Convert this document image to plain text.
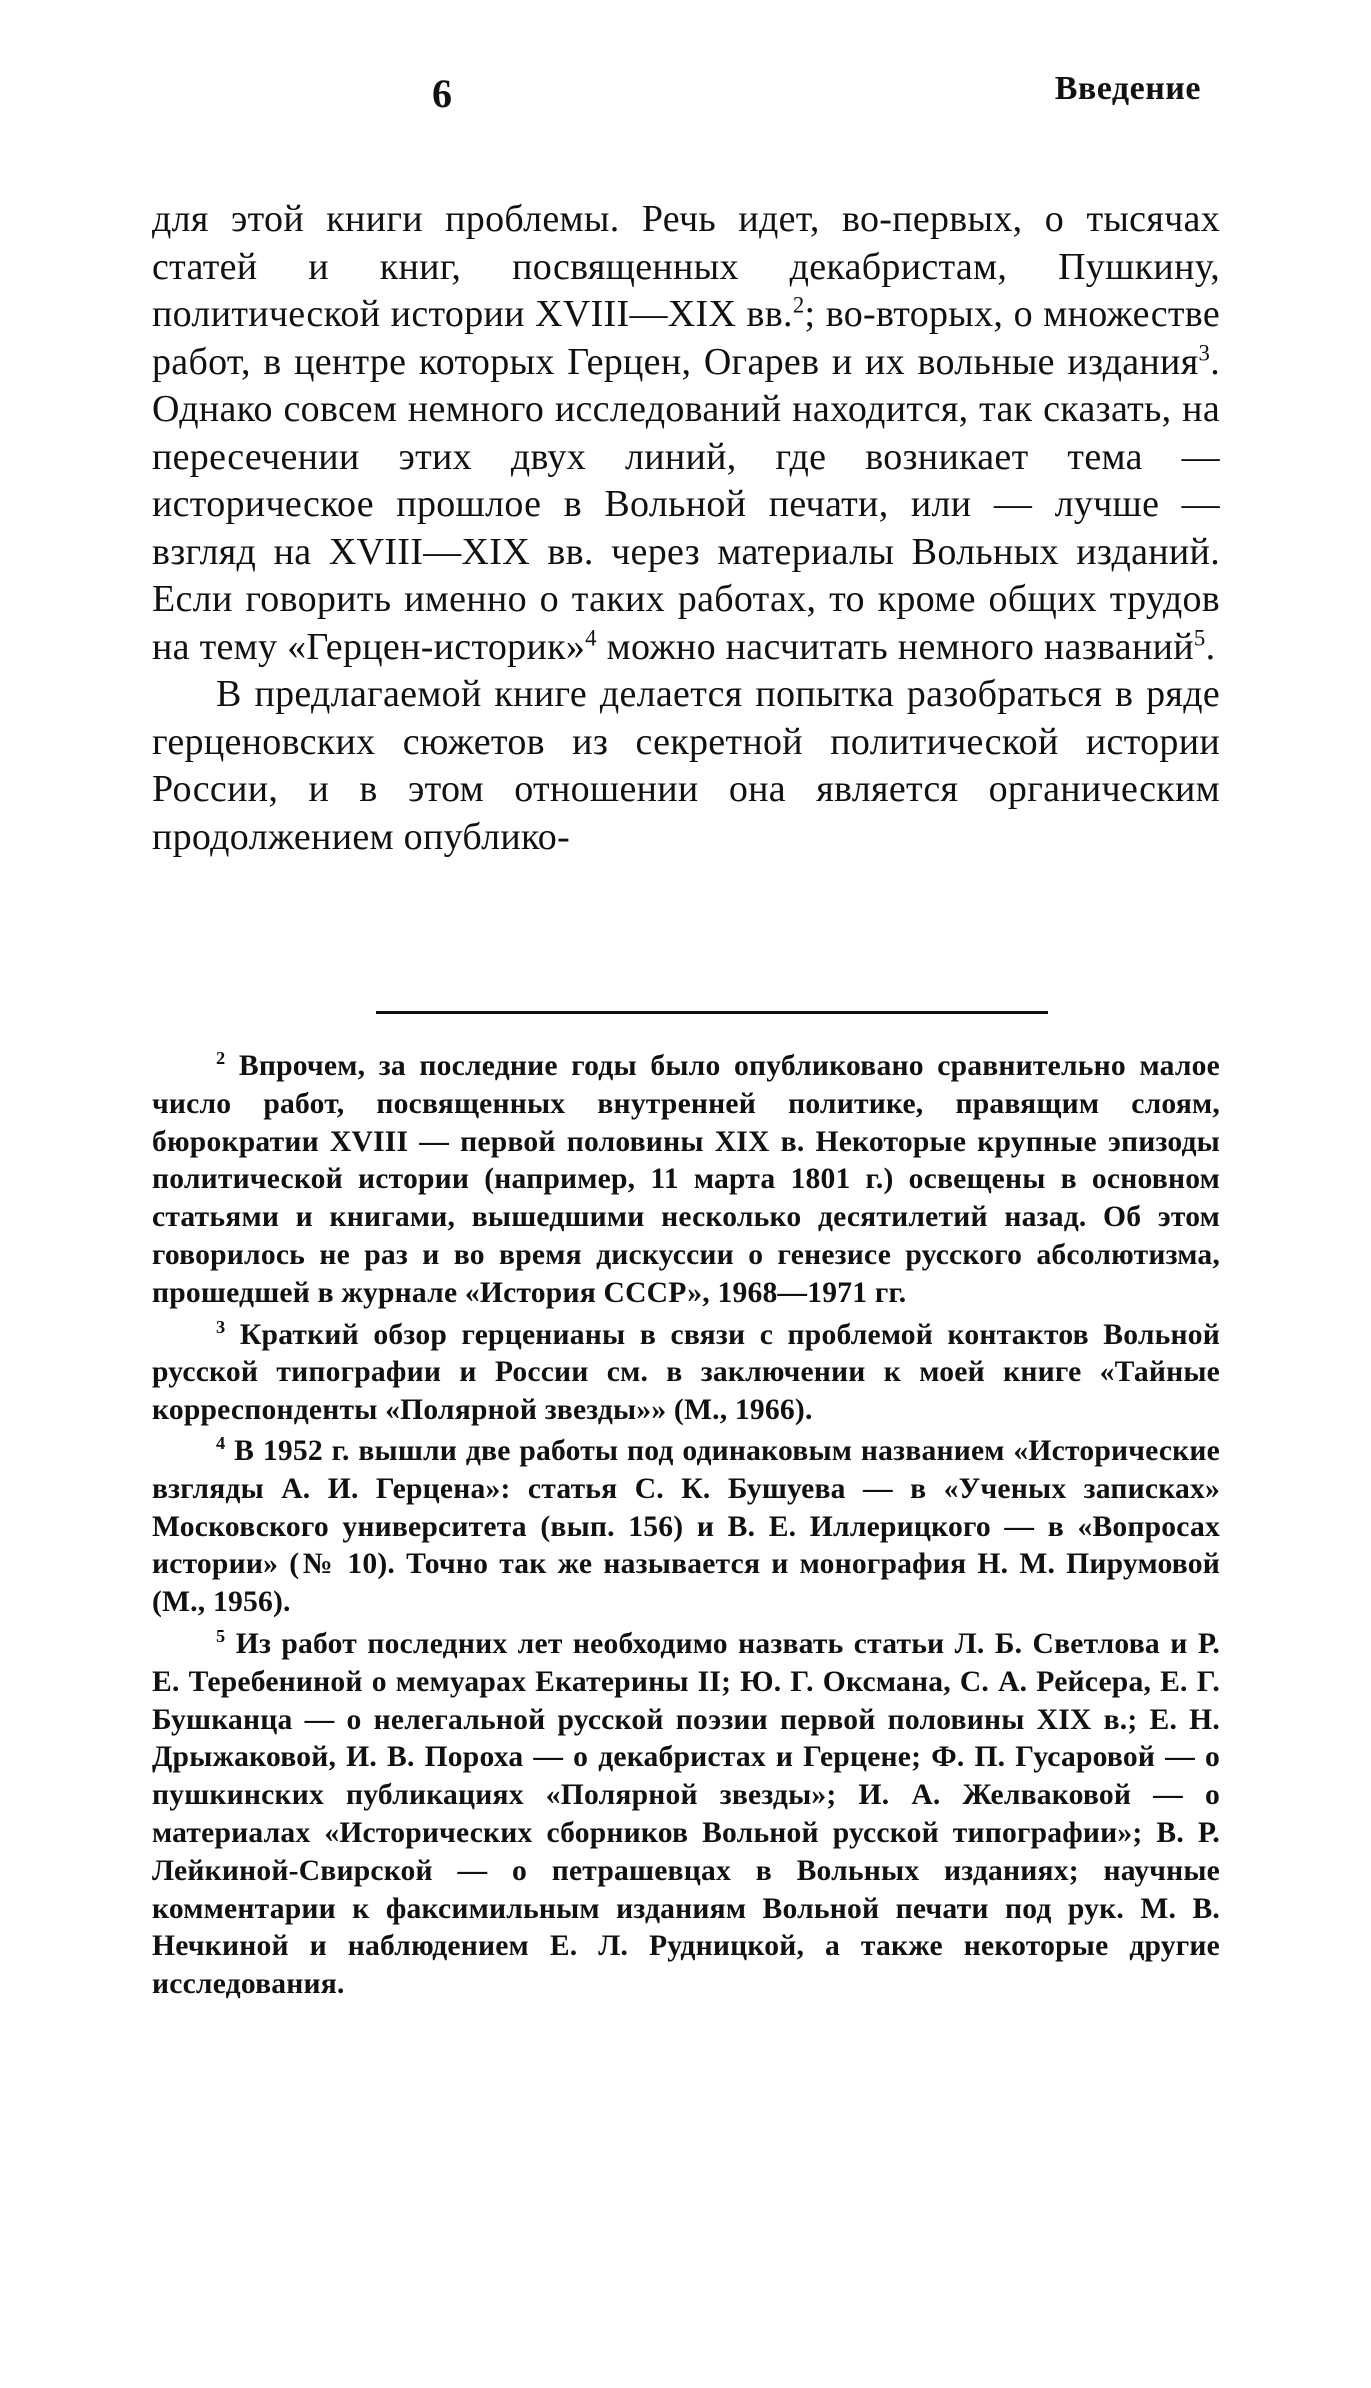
6	Введение

для этой книги проблемы. Речь идет, во-первых, о тысячах статей и книг, посвященных декабристам, Пушкину, политической истории XVIII—XIX вв.$^2$; во-вторых, о множестве работ, в центре которых Герцен, Огарев и их вольные издания$^3$. Однако совсем немного исследований находится, так сказать, на пересечении этих двух линий, где возникает тема — историческое прошлое в Вольной печати, или — лучше — взгляд на XVIII—XIX вв. через материалы Вольных изданий. Если говорить именно о таких работах, то кроме общих трудов на тему «Герцен-историк»$^4$ можно насчитать немного названий$^5$.

В предлагаемой книге делается попытка разобраться в ряде герценовских сюжетов из секретной политической истории России, и в этом отношении она является органическим продолжением опублико-

$^2$ Впрочем, за последние годы было опубликовано сравнительно малое число работ, посвященных внутренней политике, правящим слоям, бюрократии XVIII — первой половины XIX в. Некоторые крупные эпизоды политической истории (например, 11 марта 1801 г.) освещены в основном статьями и книгами, вышедшими несколько десятилетий назад. Об этом говорилось не раз и во время дискуссии о генезисе русского абсолютизма, прошедшей в журнале «История СССР», 1968—1971 гг.

$^3$ Краткий обзор герценианы в связи с проблемой контактов Вольной русской типографии и России см. в заключении к моей книге «Тайные корреспонденты «Полярной звезды»» (М., 1966).

$^4$ В 1952 г. вышли две работы под одинаковым названием «Исторические взгляды А. И. Герцена»: статья С. К. Бушуева — в «Ученых записках» Московского университета (вып. 156) и В. Е. Иллерицкого — в «Вопросах истории» (№ 10). Точно так же называется и монография Н. М. Пирумовой (М., 1956).

$^5$ Из работ последних лет необходимо назвать статьи Л. Б. Светлова и Р. Е. Теребениной о мемуарах Екатерины II; Ю. Г. Оксмана, С. А. Рейсера, Е. Г. Бушканца — о нелегальной русской поэзии первой половины XIX в.; Е. Н. Дрыжаковой, И. В. Пороха — о декабристах и Герцене; Ф. П. Гусаровой — о пушкинских публикациях «Полярной звезды»; И. А. Желваковой — о материалах «Исторических сборников Вольной русской типографии»; В. Р. Лейкиной-Свирской — о петрашевцах в Вольных изданиях; научные комментарии к факсимильным изданиям Вольной печати под рук. М. В. Нечкиной и наблюдением Е. Л. Рудницкой, а также некоторые другие исследования.
